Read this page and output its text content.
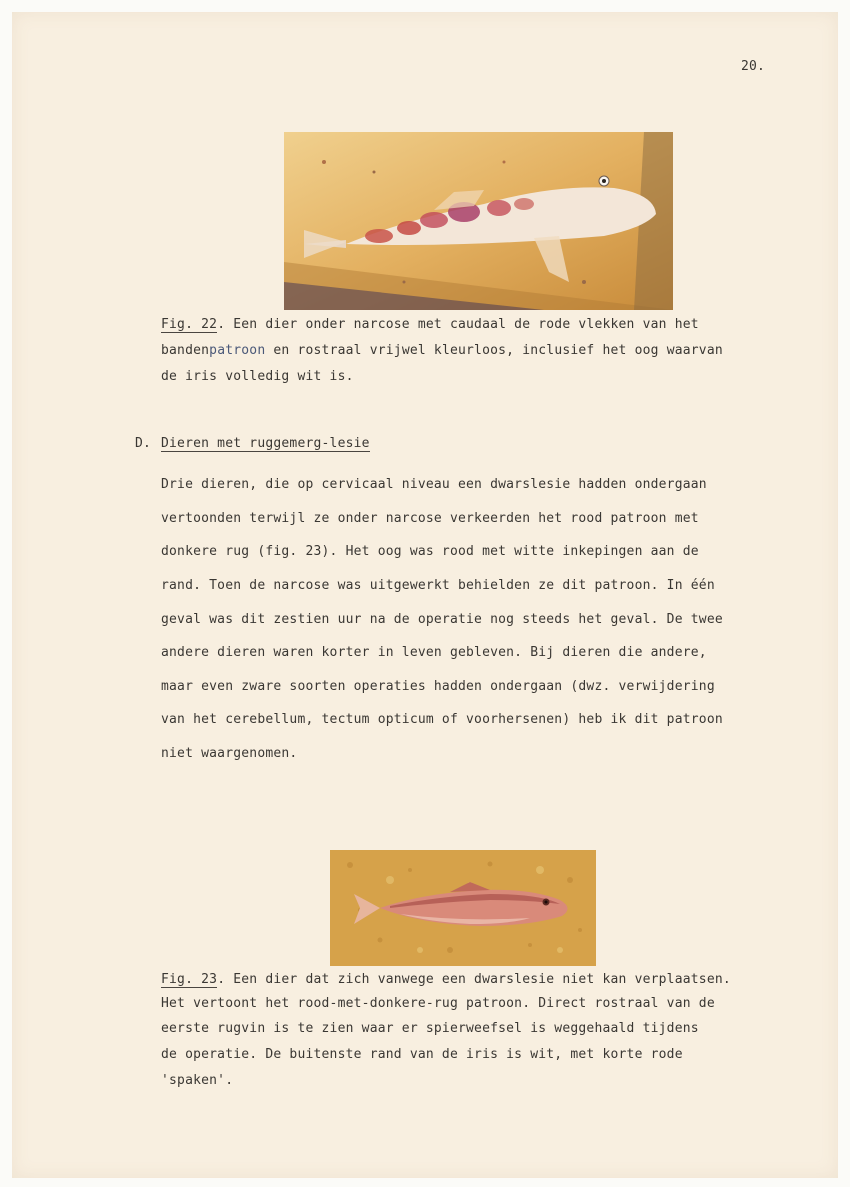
20.
Fig. 22. Een dier onder narcose met caudaal de rode vlekken van het
bandenpatroon en rostraal vrijwel kleurloos, inclusief het oog waarvan
de iris volledig wit is.
D. Dieren met ruggemerg-lesie
Drie dieren, die op cervicaal niveau een dwarslesie hadden ondergaan
vertoonden terwijl ze onder narcose verkeerden het rood patroon met
donkere rug (fig. 23). Het oog was rood met witte inkepingen aan de
rand. Toen de narcose was uitgewerkt behielden ze dit patroon. In één
geval was dit zestien uur na de operatie nog steeds het geval. De twee
andere dieren waren korter in leven gebleven. Bij dieren die andere,
maar even zware soorten operaties hadden ondergaan (dwz. verwijdering
van het cerebellum, tectum opticum of voorhersenen) heb ik dit patroon
niet waargenomen.
Fig. 23. Een dier dat zich vanwege een dwarslesie niet kan verplaatsen.
Het vertoont het rood-met-donkere-rug patroon. Direct rostraal van de
eerste rugvin is te zien waar er spierweefsel is weggehaald tijdens
de operatie. De buitenste rand van de iris is wit, met korte rode
'spaken'.
